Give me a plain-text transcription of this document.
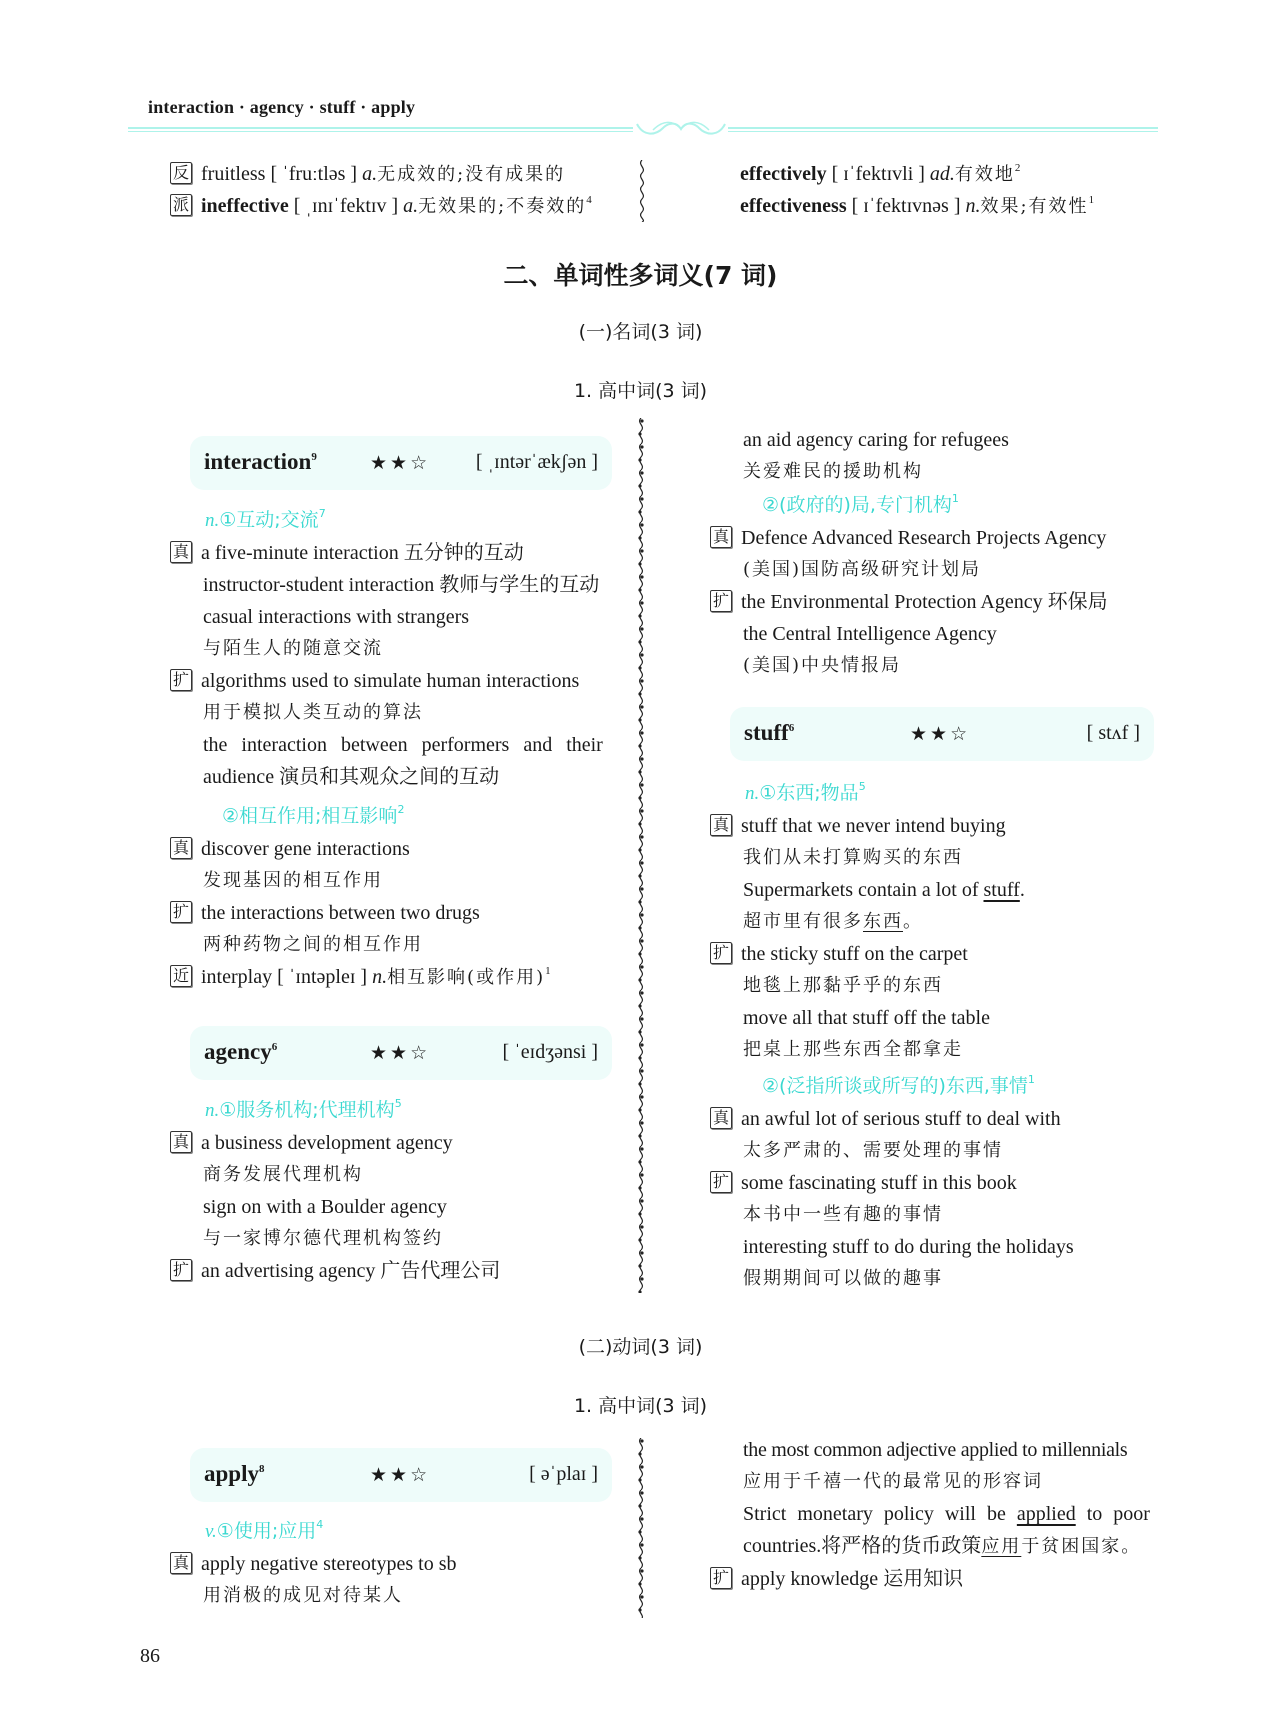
interaction · agency · stuff · apply
反 fruitless [ ˈfruːtləs ] a.无成效的;没有成果的
派 ineffective [ ˌɪnɪˈfektɪv ] a.无效果的;不奏效的$^4$
effectively [ ɪˈfektɪvli ] ad.有效地$^2$
effectiveness [ ɪˈfektɪvnəs ] n.效果;有效性$^1$
二、单词性多词义(7 词)
(一)名词(3 词)
1. 高中词(3 词)
interaction$^9$	★★☆ [ ˌɪntərˈækʃən ]
n.①互动;交流$^7$
真 a five-minute interaction 五分钟的互动
instructor-student interaction 教师与学生的互动
casual interactions with strangers
与陌生人的随意交流
扩 algorithms used to simulate human interactions
用于模拟人类互动的算法
the interaction between performers and their
audience 演员和其观众之间的互动
②相互作用;相互影响$^2$
真 discover gene interactions
发现基因的相互作用
扩 the interactions between two drugs
两种药物之间的相互作用
近 interplay [ ˈɪntəpleɪ ] n.相互影响(或作用)$^1$
agency$^6$	★★☆	[ ˈeɪdʒənsi ]
n.①服务机构;代理机构$^5$
真 a business development agency
商务发展代理机构
sign on with a Boulder agency
与一家博尔德代理机构签约
扩 an advertising agency 广告代理公司
an aid agency caring for refugees
关爱难民的援助机构
②(政府的)局,专门机构$^1$
真 Defence Advanced Research Projects Agency
(美国)国防高级研究计划局
扩 the Environmental Protection Agency 环保局
the Central Intelligence Agency
(美国)中央情报局
stuff$^6$	★★☆	[ stʌf ]
n.①东西;物品$^5$
真 stuff that we never intend buying
我们从未打算购买的东西
Supermarkets contain a lot of stuff.
超市里有很多东西。
扩 the sticky stuff on the carpet
地毯上那黏乎乎的东西
move all that stuff off the table
把桌上那些东西全都拿走
②(泛指所谈或所写的)东西,事情$^1$
真 an awful lot of serious stuff to deal with
太多严肃的、需要处理的事情
扩 some fascinating stuff in this book
本书中一些有趣的事情
interesting stuff to do during the holidays
假期期间可以做的趣事
(二)动词(3 词)
1. 高中词(3 词)
apply$^8$	★★☆	[ əˈplaɪ ]
v.①使用;应用$^4$
真 apply negative stereotypes to sb
用消极的成见对待某人
the most common adjective applied to millennials
应用于千禧一代的最常见的形容词
Strict monetary policy will be applied to poor
countries.将严格的货币政策应用于贫困国家。
扩 apply knowledge 运用知识
86
